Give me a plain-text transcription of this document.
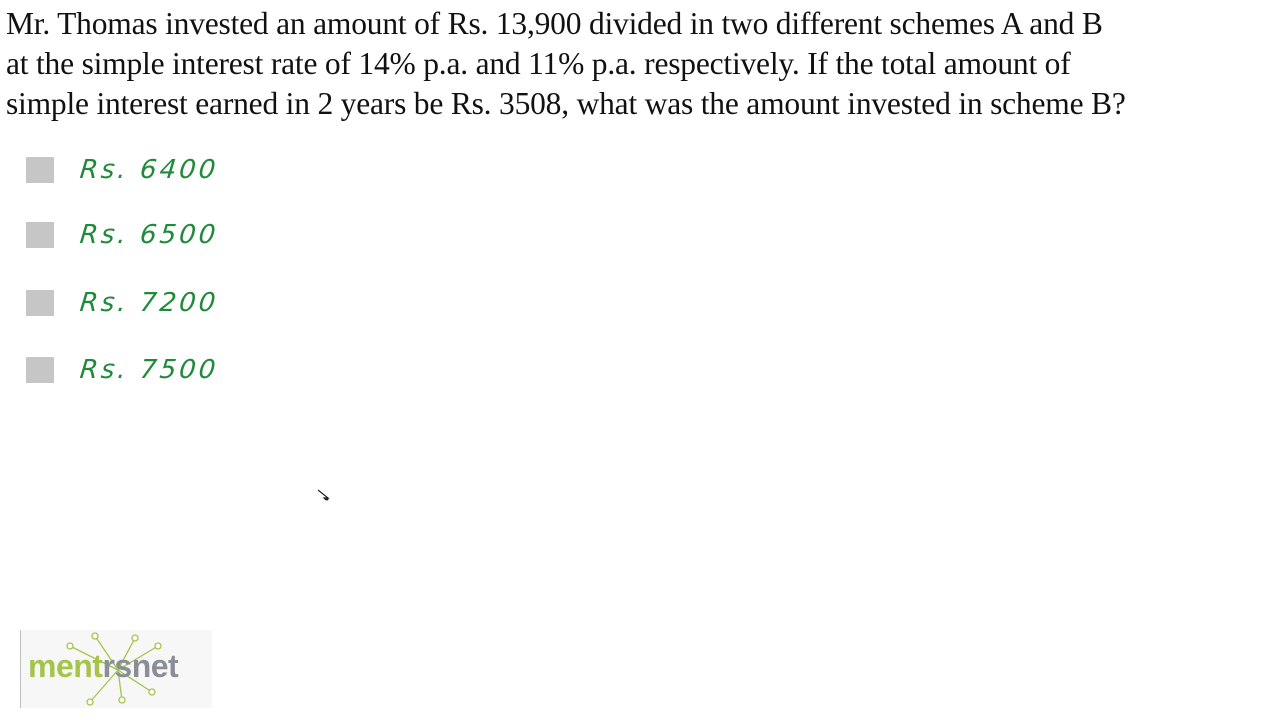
Mr. Thomas invested an amount of Rs. 13,900 divided in two different schemes A and B
at the simple interest rate of 14% p.a. and 11% p.a. respectively. If the total amount of
simple interest earned in 2 years be Rs. 3508, what was the amount invested in scheme B?
Rs. 6400
Rs. 6500
Rs. 7200
Rs. 7500
mentrsnet
